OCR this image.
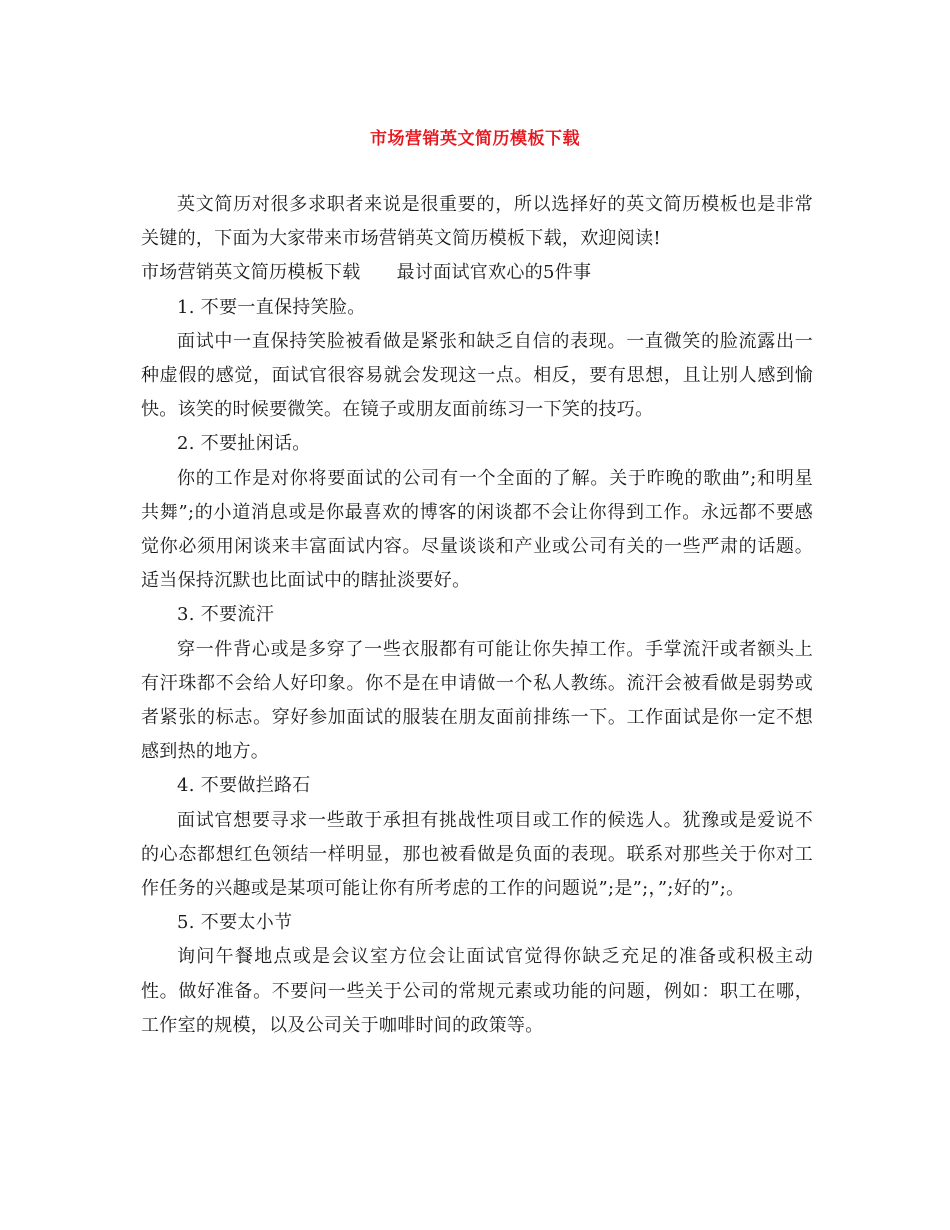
市场营销英文简历模板下载

英文简历对很多求职者来说是很重要的，所以选择好的英文简历模板也是非常关键的，下面为大家带来市场营销英文简历模板下载，欢迎阅读!

市场营销英文简历模板下载 最讨面试官欢心的5件事

1. 不要一直保持笑脸。

面试中一直保持笑脸被看做是紧张和缺乏自信的表现。一直微笑的脸流露出一种虚假的感觉，面试官很容易就会发现这一点。相反，要有思想，且让别人感到愉快。该笑的时候要微笑。在镜子或朋友面前练习一下笑的技巧。

2. 不要扯闲话。

你的工作是对你将要面试的公司有一个全面的了解。关于昨晚的歌曲”;和明星共舞”;的小道消息或是你最喜欢的博客的闲谈都不会让你得到工作。永远都不要感觉你必须用闲谈来丰富面试内容。尽量谈谈和产业或公司有关的一些严肃的话题。适当保持沉默也比面试中的瞎扯淡要好。

3. 不要流汗

穿一件背心或是多穿了一些衣服都有可能让你失掉工作。手掌流汗或者额头上有汗珠都不会给人好印象。你不是在申请做一个私人教练。流汗会被看做是弱势或者紧张的标志。穿好参加面试的服装在朋友面前排练一下。工作面试是你一定不想感到热的地方。

4. 不要做拦路石

面试官想要寻求一些敢于承担有挑战性项目或工作的候选人。犹豫或是爱说不的心态都想红色领结一样明显，那也被看做是负面的表现。联系对那些关于你对工作任务的兴趣或是某项可能让你有所考虑的工作的问题说”;是”;，”;好的”;。

5. 不要太小节

询问午餐地点或是会议室方位会让面试官觉得你缺乏充足的准备或积极主动性。做好准备。不要问一些关于公司的常规元素或功能的问题，例如：职工在哪，工作室的规模，以及公司关于咖啡时间的政策等。
